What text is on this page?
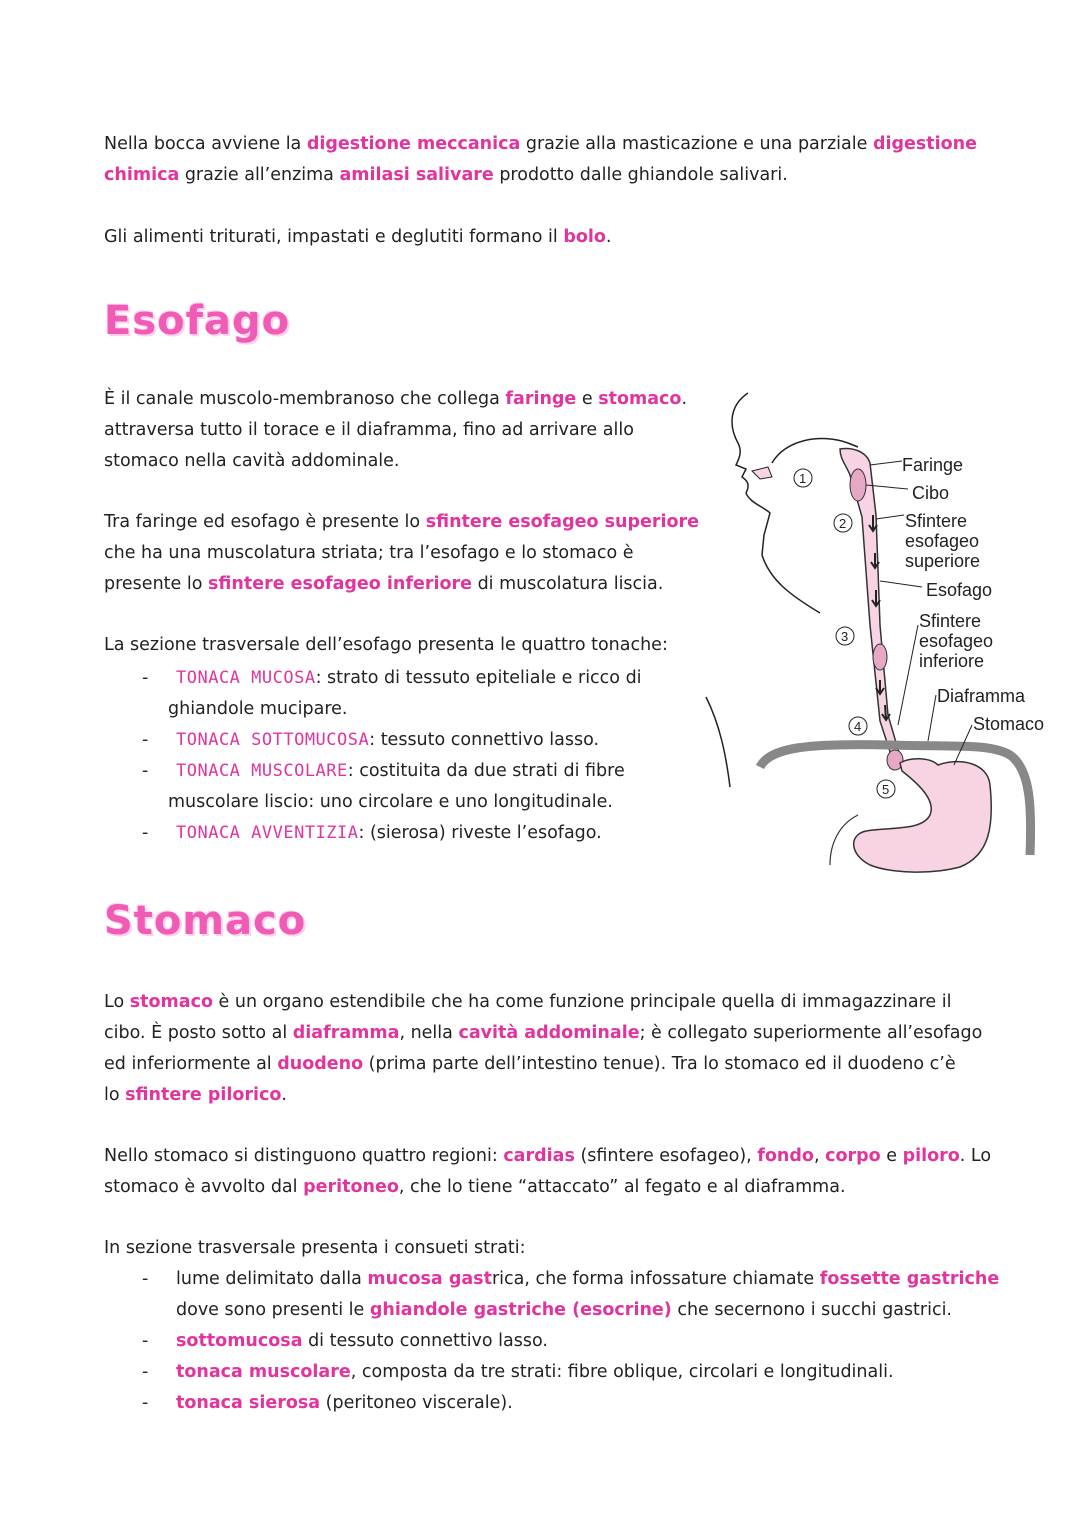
Nella bocca avviene la digestione meccanica grazie alla masticazione e una parziale digestione
chimica grazie all’enzima amilasi salivare prodotto dalle ghiandole salivari.

Gli alimenti triturati, impastati e deglutiti formano il bolo.

Esofago

È il canale muscolo-membranoso che collega faringe e stomaco.
attraversa tutto il torace e il diaframma, fino ad arrivare allo
stomaco nella cavità addominale.

Tra faringe ed esofago è presente lo sfintere esofageo superiore
che ha una muscolatura striata; tra l’esofago e lo stomaco è
presente lo sfintere esofageo inferiore di muscolatura liscia.

La sezione trasversale dell’esofago presenta le quattro tonache:

- TONACA MUCOSA: strato di tessuto epiteliale e ricco di
ghiandole mucipare.
- TONACA SOTTOMUCOSA: tessuto connettivo lasso.
- TONACA MUSCOLARE: costituita da due strati di fibre
muscolare liscio: uno circolare e uno longitudinale.
- TONACA AVVENTIZIA: (sierosa) riveste l’esofago.
1
2
3
4
5
Faringe
Cibo
Sfintere
esofageo
superiore
Esofago
Sfintere
esofageo
inferiore
Diaframma
Stomaco
Stomaco

Lo stomaco è un organo estendibile che ha come funzione principale quella di immagazzinare il
cibo. È posto sotto al diaframma, nella cavità addominale; è collegato superiormente all’esofago
ed inferiormente al duodeno (prima parte dell’intestino tenue). Tra lo stomaco ed il duodeno c’è
lo sfintere pilorico.

Nello stomaco si distinguono quattro regioni: cardias (sfintere esofageo), fondo, corpo e piloro. Lo
stomaco è avvolto dal peritoneo, che lo tiene “attaccato” al fegato e al diaframma.

In sezione trasversale presenta i consueti strati:

- lume delimitato dalla mucosa gastrica, che forma infossature chiamate fossette gastriche
dove sono presenti le ghiandole gastriche (esocrine) che secernono i succhi gastrici.
- sottomucosa di tessuto connettivo lasso.
- tonaca muscolare, composta da tre strati: fibre oblique, circolari e longitudinali.
- tonaca sierosa (peritoneo viscerale).
